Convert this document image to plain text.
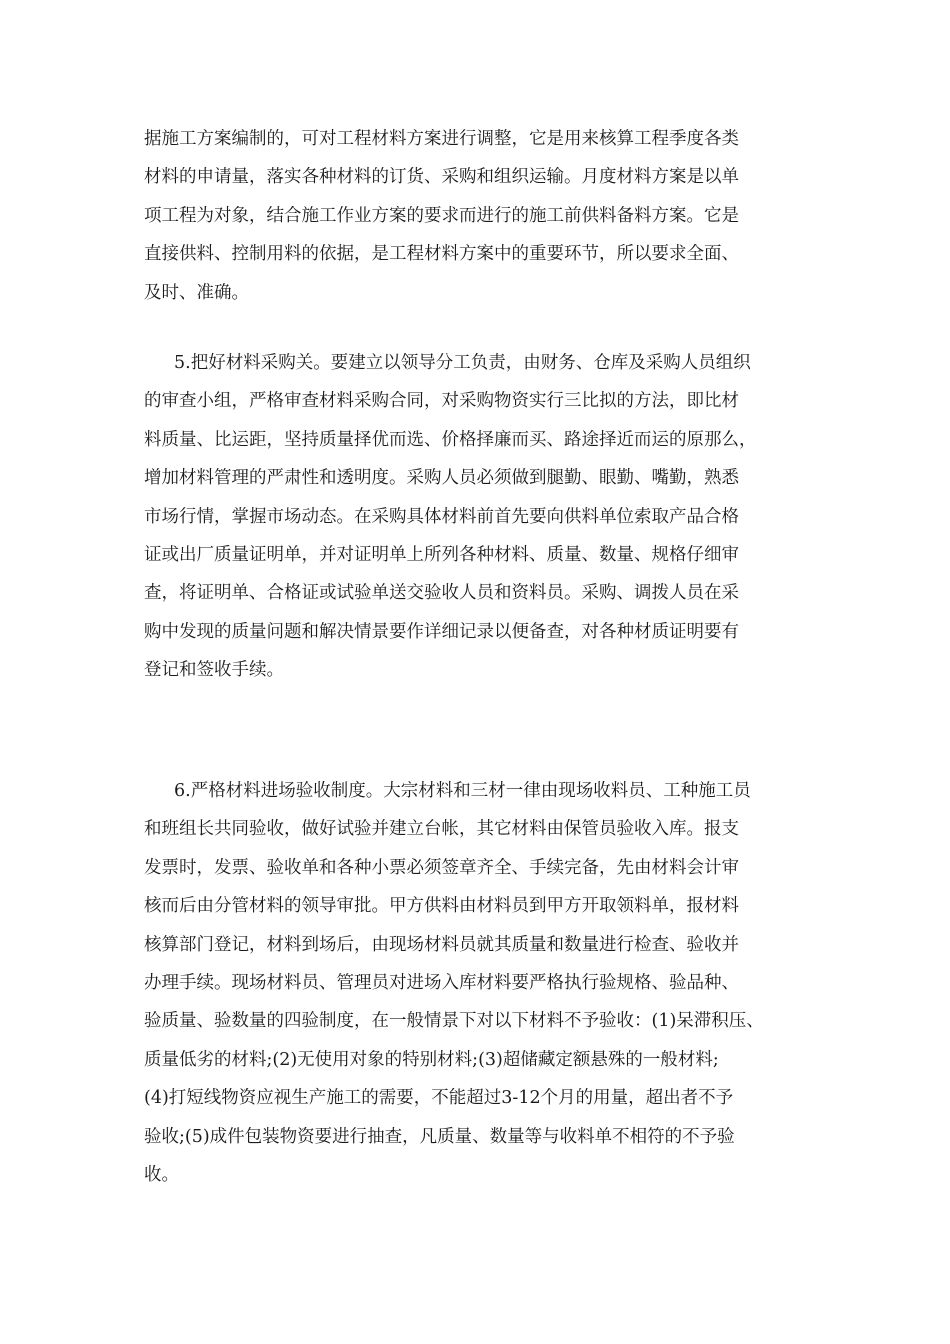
据施工方案编制的，可对工程材料方案进行调整，它是用来核算工程季度各类
材料的申请量，落实各种材料的订货、采购和组织运输。月度材料方案是以单
项工程为对象，结合施工作业方案的要求而进行的施工前供料备料方案。它是
直接供料、控制用料的依据，是工程材料方案中的重要环节，所以要求全面、
及时、准确。
5.把好材料采购关。要建立以领导分工负责，由财务、仓库及采购人员组织
的审查小组，严格审查材料采购合同，对采购物资实行三比拟的方法，即比材
料质量、比运距，坚持质量择优而选、价格择廉而买、路途择近而运的原那么，
增加材料管理的严肃性和透明度。采购人员必须做到腿勤、眼勤、嘴勤，熟悉
市场行情，掌握市场动态。在采购具体材料前首先要向供料单位索取产品合格
证或出厂质量证明单，并对证明单上所列各种材料、质量、数量、规格仔细审
查，将证明单、合格证或试验单送交验收人员和资料员。采购、调拨人员在采
购中发现的质量问题和解决情景要作详细记录以便备查，对各种材质证明要有
登记和签收手续。
6.严格材料进场验收制度。大宗材料和三材一律由现场收料员、工种施工员
和班组长共同验收，做好试验并建立台帐，其它材料由保管员验收入库。报支
发票时，发票、验收单和各种小票必须签章齐全、手续完备，先由材料会计审
核而后由分管材料的领导审批。甲方供料由材料员到甲方开取领料单，报材料
核算部门登记，材料到场后，由现场材料员就其质量和数量进行检查、验收并
办理手续。现场材料员、管理员对进场入库材料要严格执行验规格、验品种、
验质量、验数量的四验制度，在一般情景下对以下材料不予验收：(1)呆滞积压、
质量低劣的材料;(2)无使用对象的特别材料;(3)超储藏定额悬殊的一般材料;
(4)打短线物资应视生产施工的需要，不能超过3-12个月的用量，超出者不予
验收;(5)成件包装物资要进行抽查，凡质量、数量等与收料单不相符的不予验
收。
